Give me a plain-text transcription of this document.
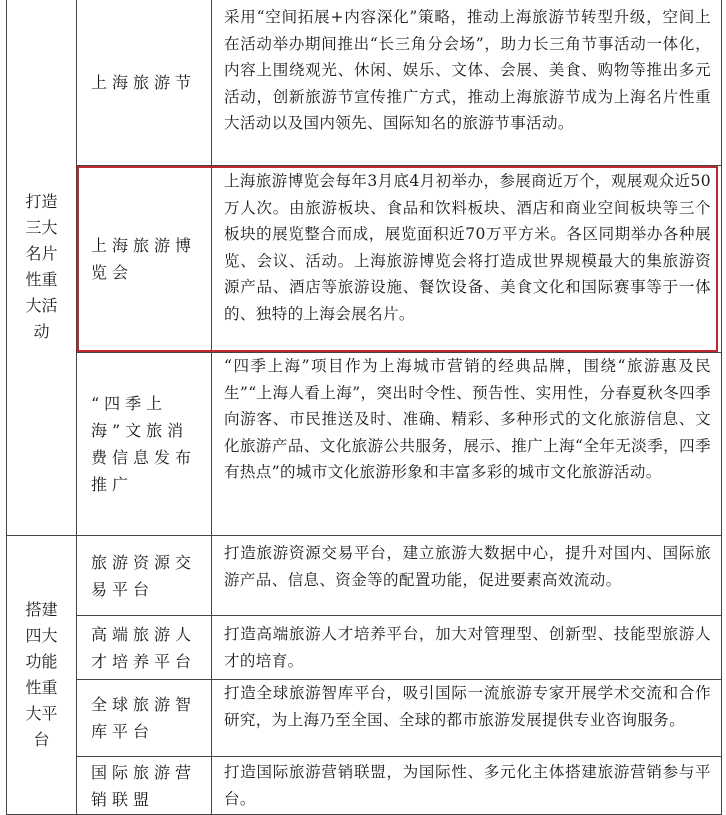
打造三大名片性重大活动
上海旅游节
采用“空间拓展+内容深化”策略，推动上海旅游节转型升级，空间上在活动举办期间推出“长三角分会场”，助力长三角节事活动一体化，内容上围绕观光、休闲、娱乐、文体、会展、美食、购物等推出多元活动，创新旅游节宣传推广方式，推动上海旅游节成为上海名片性重大活动以及国内领先、国际知名的旅游节事活动。
上海旅游博览会
上海旅游博览会每年3月底4月初举办，参展商近万个，观展观众近50万人次。由旅游板块、食品和饮料板块、酒店和商业空间板块等三个板块的展览整合而成，展览面积近70万平方米。各区同期举办各种展览、会议、活动。上海旅游博览会将打造成世界规模最大的集旅游资源产品、酒店等旅游设施、餐饮设备、美食文化和国际赛事等于一体的、独特的上海会展名片。
“四季上海”文旅消费信息发布推广
“四季上海”项目作为上海城市营销的经典品牌，围绕“旅游惠及民生”“上海人看上海”，突出时令性、预告性、实用性，分春夏秋冬四季向游客、市民推送及时、准确、精彩、多种形式的文化旅游信息、文化旅游产品、文化旅游公共服务，展示、推广上海“全年无淡季，四季有热点”的城市文化旅游形象和丰富多彩的城市文化旅游活动。
搭建四大功能性重大平台
旅游资源交易平台
打造旅游资源交易平台，建立旅游大数据中心，提升对国内、国际旅游产品、信息、资金等的配置功能，促进要素高效流动。
高端旅游人才培养平台
打造高端旅游人才培养平台，加大对管理型、创新型、技能型旅游人才的培育。
全球旅游智库平台
打造全球旅游智库平台，吸引国际一流旅游专家开展学术交流和合作研究，为上海乃至全国、全球的都市旅游发展提供专业咨询服务。
国际旅游营销联盟
打造国际旅游营销联盟，为国际性、多元化主体搭建旅游营销参与平台。
